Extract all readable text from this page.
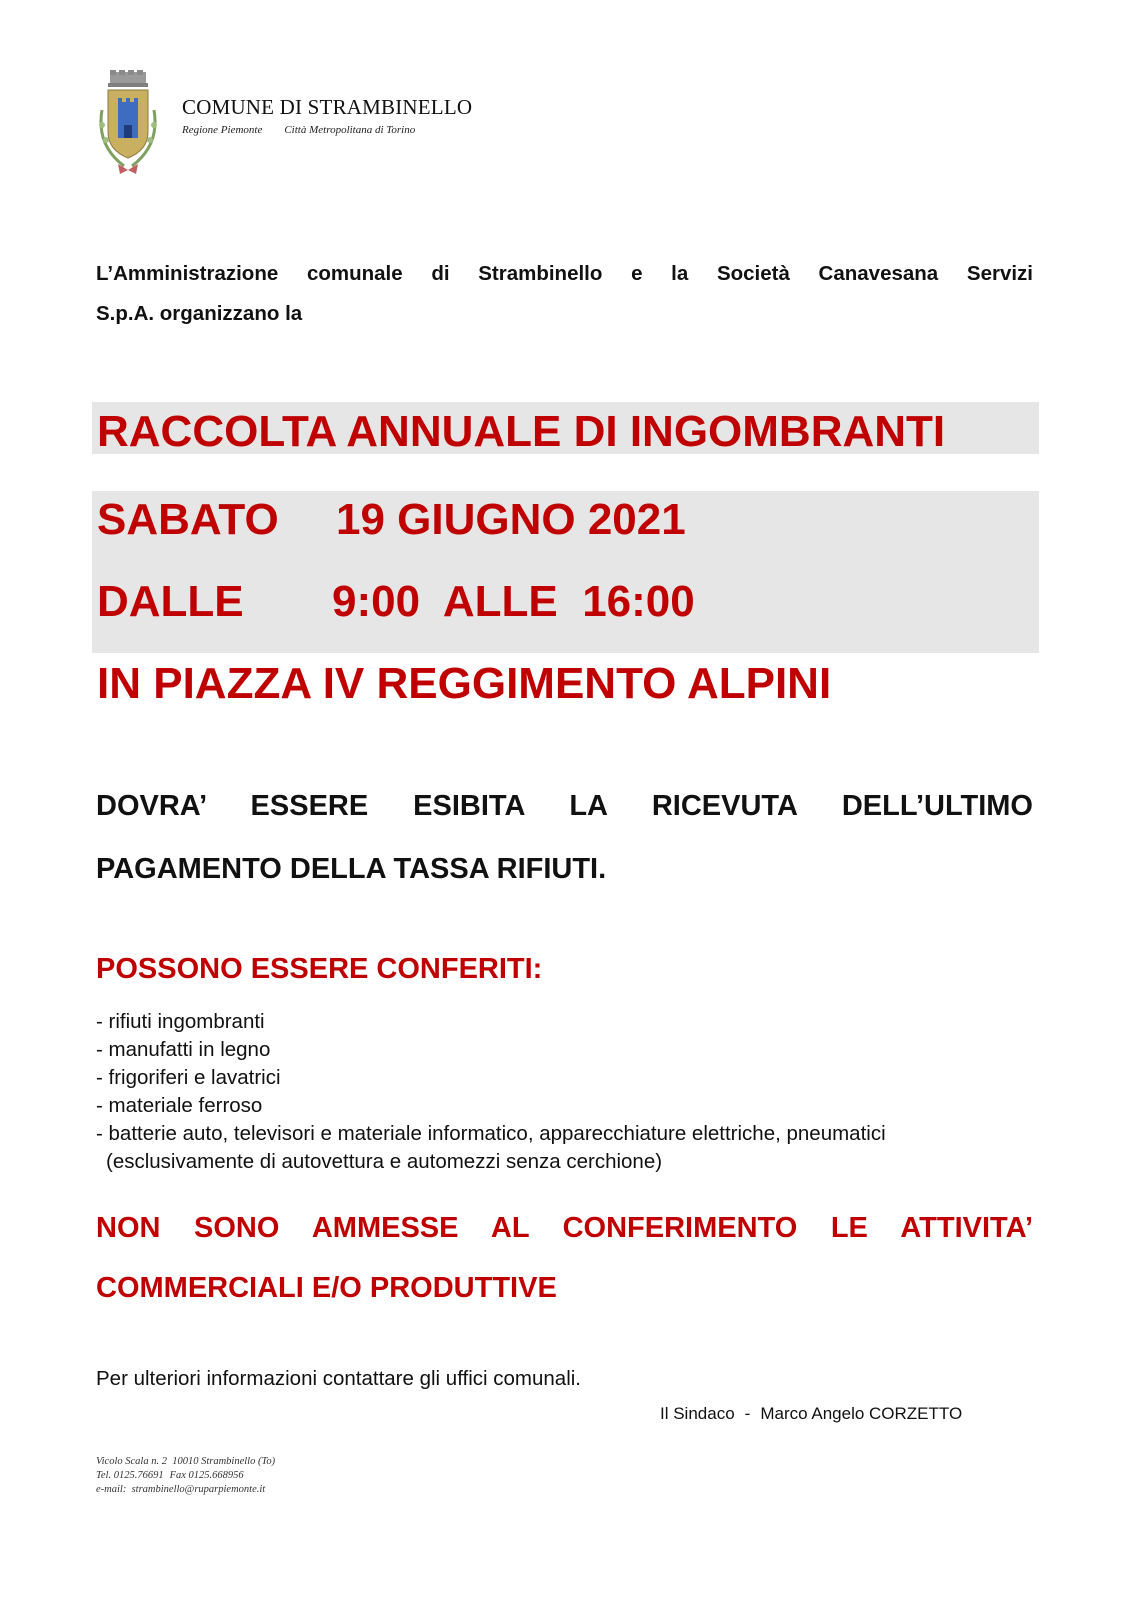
COMUNE DI STRAMBINELLO
Regione Piemonte Città Metropolitana di Torino
L’Amministrazione comunale di Strambinello e la Società Canavesana Servizi
S.p.A. organizzano la
RACCOLTA ANNUALE DI INGOMBRANTI
SABATO 19 GIUGNO 2021
DALLE 9:00  ALLE  16:00
IN PIAZZA IV REGGIMENTO ALPINI
DOVRA’ ESSERE ESIBITA LA RICEVUTA DELL’ULTIMO
PAGAMENTO DELLA TASSA RIFIUTI.
POSSONO ESSERE CONFERITI:
- rifiuti ingombranti
- manufatti in legno
- frigoriferi e lavatrici
- materiale ferroso
- batterie auto, televisori e materiale informatico, apparecchiature elettriche, pneumatici
(esclusivamente di autovettura e automezzi senza cerchione)
NON SONO AMMESSE AL CONFERIMENTO LE ATTIVITA’
COMMERCIALI E/O PRODUTTIVE
Per ulteriori informazioni contattare gli uffici comunali.
Il Sindaco - Marco Angelo CORZETTO
Vicolo Scala n. 2  10010 Strambinello (To)
Tel. 0125.76691 Fax 0125.668956
e-mail:  strambinello@ruparpiemonte.it
